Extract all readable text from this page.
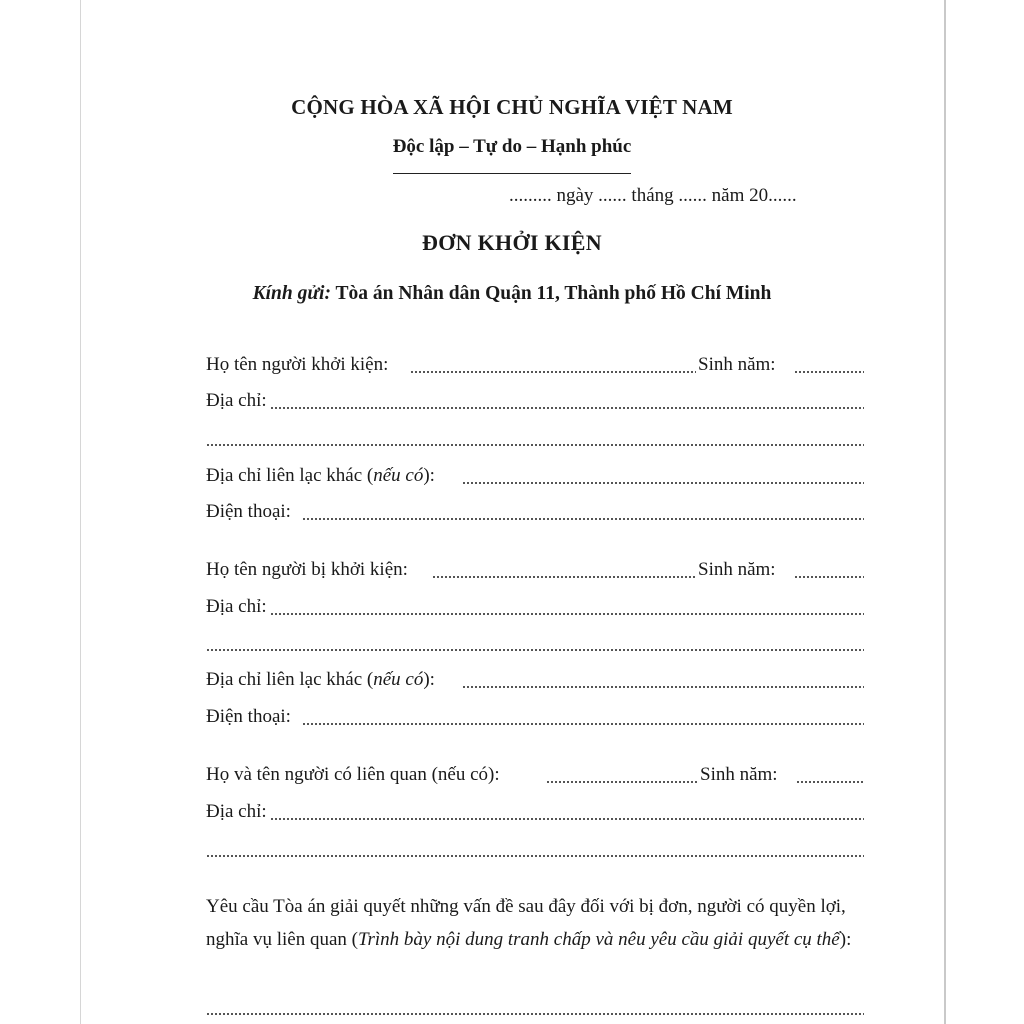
CỘNG HÒA XÃ HỘI CHỦ NGHĨA VIỆT NAM
Độc lập – Tự do – Hạnh phúc
......... ngày ...... tháng ...... năm 20......
ĐƠN KHỞI KIỆN
Kính gửi: Tòa án Nhân dân Quận 11, Thành phố Hồ Chí Minh
Họ tên người khởi kiện:	Sinh năm:
Địa chỉ:
Địa chỉ liên lạc khác (nếu có):
Điện thoại:
Họ tên người bị khởi kiện:	Sinh năm:
Địa chỉ:
Địa chỉ liên lạc khác (nếu có):
Điện thoại:
Họ và tên người có liên quan (nếu có):	Sinh năm:
Địa chỉ:
Yêu cầu Tòa án giải quyết những vấn đề sau đây đối với bị đơn, người có quyền lợi, nghĩa vụ liên quan (Trình bày nội dung tranh chấp và nêu yêu cầu giải quyết cụ thể):
